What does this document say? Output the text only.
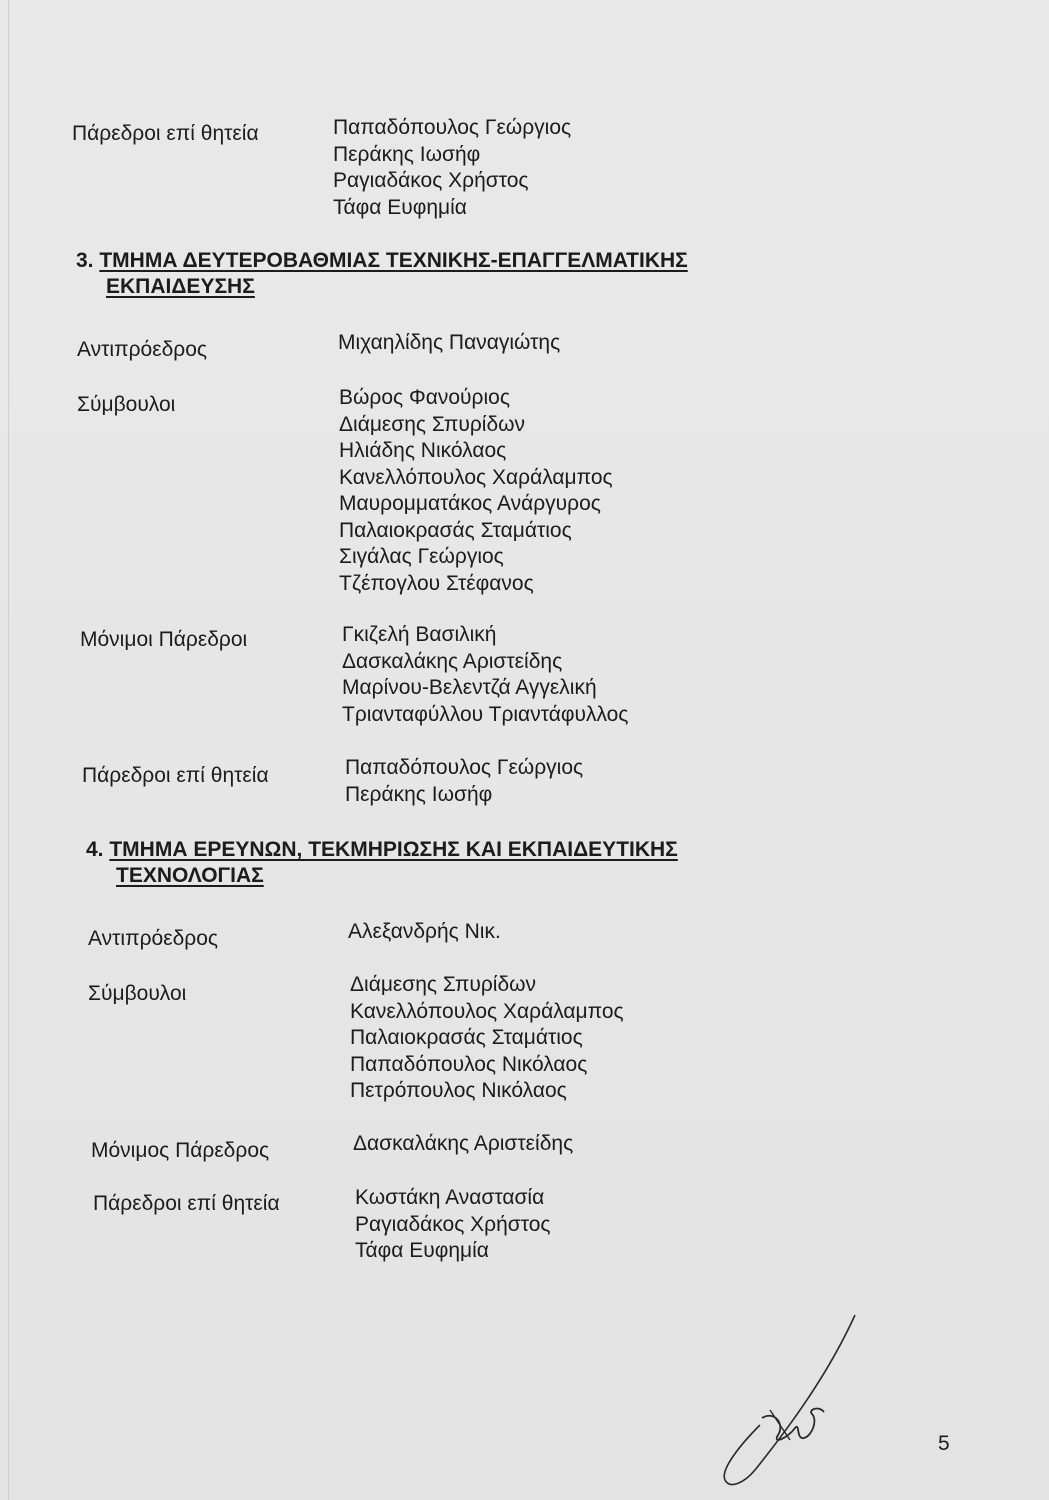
Πάρεδροι επί θητεία	Παπαδόπουλος Γεώργιος
Περάκης Ιωσήφ
Ραγιαδάκος Χρήστος
Τάφα Ευφημία
3. ΤΜΗΜΑ ΔΕΥΤΕΡΟΒΑΘΜΙΑΣ ΤΕΧΝΙΚΗΣ-ΕΠΑΓΓΕΛΜΑΤΙΚΗΣ
ΕΚΠΑΙΔΕΥΣΗΣ
Αντιπρόεδρος	Μιχαηλίδης Παναγιώτης
Σύμβουλοι	Βώρος Φανούριος
Διάμεσης Σπυρίδων
Ηλιάδης Νικόλαος
Κανελλόπουλος Χαράλαμπος
Μαυρομματάκος Ανάργυρος
Παλαιοκρασάς Σταμάτιος
Σιγάλας Γεώργιος
Τζέπογλου Στέφανος
Μόνιμοι Πάρεδροι	Γκιζελή Βασιλική
Δασκαλάκης Αριστείδης
Μαρίνου-Βελεντζά Αγγελική
Τριανταφύλλου Τριαντάφυλλος
Πάρεδροι επί θητεία	Παπαδόπουλος Γεώργιος
Περάκης Ιωσήφ
4. ΤΜΗΜΑ ΕΡΕΥΝΩΝ, ΤΕΚΜΗΡΙΩΣΗΣ ΚΑΙ ΕΚΠΑΙΔΕΥΤΙΚΗΣ
ΤΕΧΝΟΛΟΓΙΑΣ
Αντιπρόεδρος	Αλεξανδρής Νικ.
Σύμβουλοι	Διάμεσης Σπυρίδων
Κανελλόπουλος Χαράλαμπος
Παλαιοκρασάς Σταμάτιος
Παπαδόπουλος Νικόλαος
Πετρόπουλος Νικόλαος
Μόνιμος Πάρεδρος	Δασκαλάκης Αριστείδης
Πάρεδροι επί θητεία	Κωστάκη Αναστασία
Ραγιαδάκος Χρήστος
Τάφα Ευφημία
5
